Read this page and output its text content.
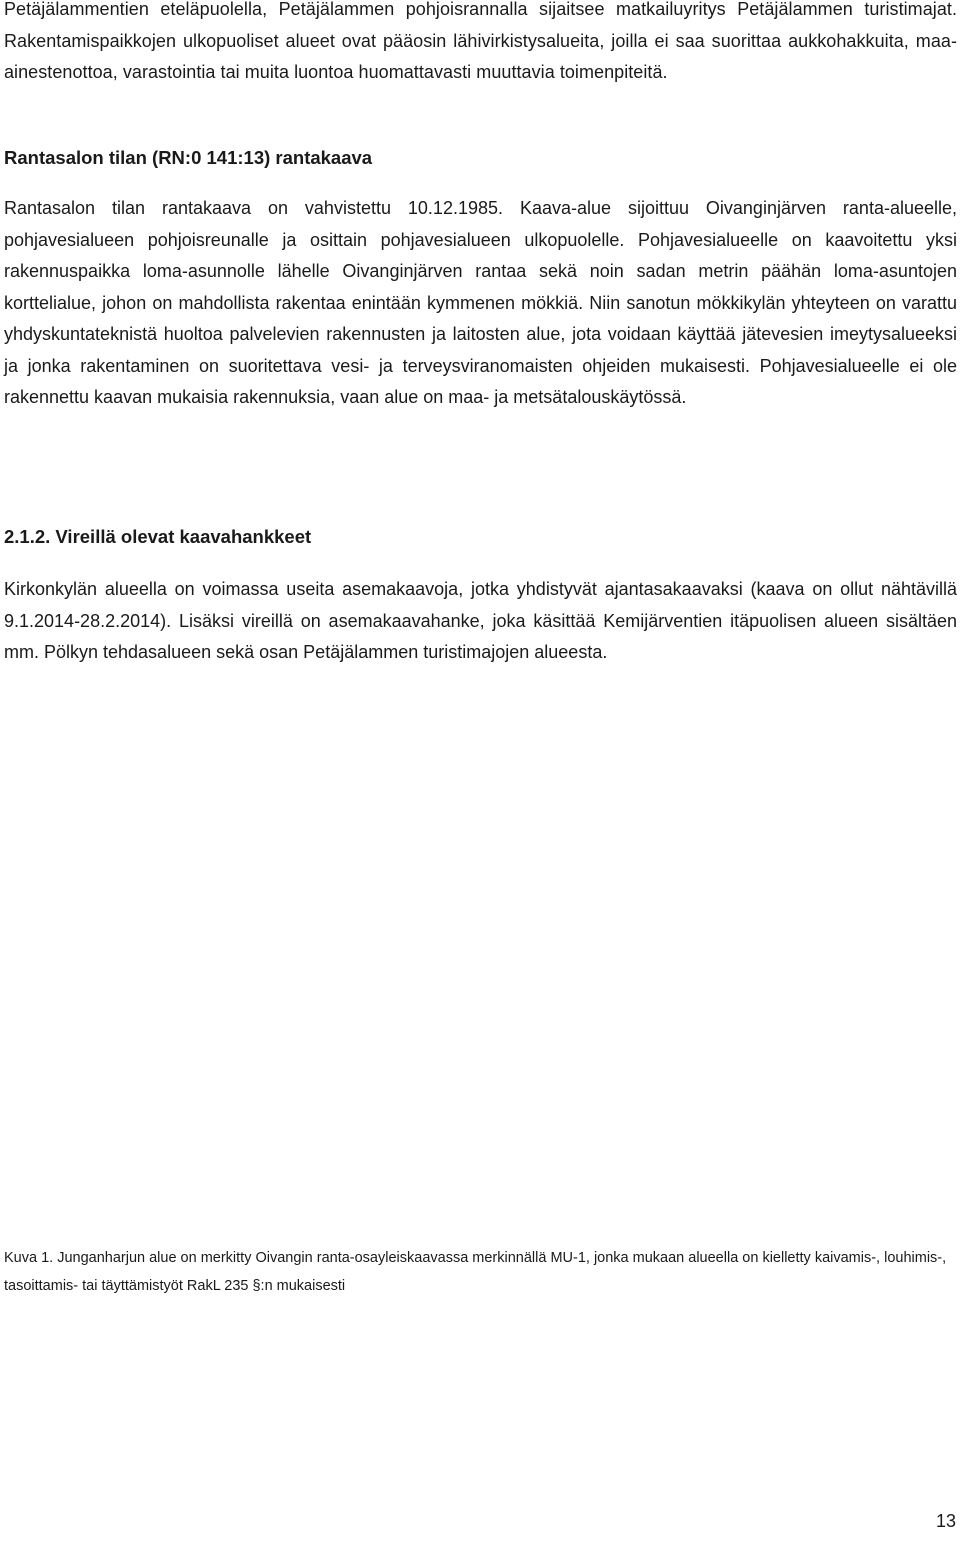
Petäjälammentien eteläpuolella, Petäjälammen pohjoisrannalla sijaitsee matkailuyritys Petäjälammen turistimajat. Rakentamispaikkojen ulkopuoliset alueet ovat pääosin lähivirkistysalueita, joilla ei saa suorittaa aukkohakkuita, maa-ainestenottoa, varastointia tai muita luontoa huomattavasti muuttavia toimenpiteitä.

Rantasalon tilan (RN:0 141:13) rantakaava

Rantasalon tilan rantakaava on vahvistettu 10.12.1985. Kaava-alue sijoittuu Oivanginjärven ranta-alueelle, pohjavesialueen pohjoisreunalle ja osittain pohjavesialueen ulkopuolelle. Pohjavesialueelle on kaavoitettu yksi rakennuspaikka loma-asunnolle lähelle Oivanginjärven rantaa sekä noin sadan metrin päähän loma-asuntojen korttelialue, johon on mahdollista rakentaa enintään kymmenen mökkiä. Niin sanotun mökkikylän yhteyteen on varattu yhdyskuntateknistä huoltoa palvelevien rakennusten ja laitosten alue, jota voidaan käyttää jätevesien imeytysalueeksi ja jonka rakentaminen on suoritettava vesi- ja terveysviranomaisten ohjeiden mukaisesti. Pohjavesialueelle ei ole rakennettu kaavan mukaisia rakennuksia, vaan alue on maa- ja metsätalouskäytössä.

2.1.2. Vireillä olevat kaavahankkeet

Kirkonkylän alueella on voimassa useita asemakaavoja, jotka yhdistyvät ajantasakaavaksi (kaava on ollut nähtävillä 9.1.2014-28.2.2014). Lisäksi vireillä on asemakaavahanke, joka käsittää Kemijärventien itäpuolisen alueen sisältäen mm. Pölkyn tehdasalueen sekä osan Petäjälammen turistimajojen alueesta.

Kuva 1. Junganharjun alue on merkitty Oivangin ranta-osayleiskaavassa merkinnällä MU-1, jonka mukaan alueella on kielletty kaivamis-, louhimis-, tasoittamis- tai täyttämistyöt RakL 235 §:n mukaisesti

13
